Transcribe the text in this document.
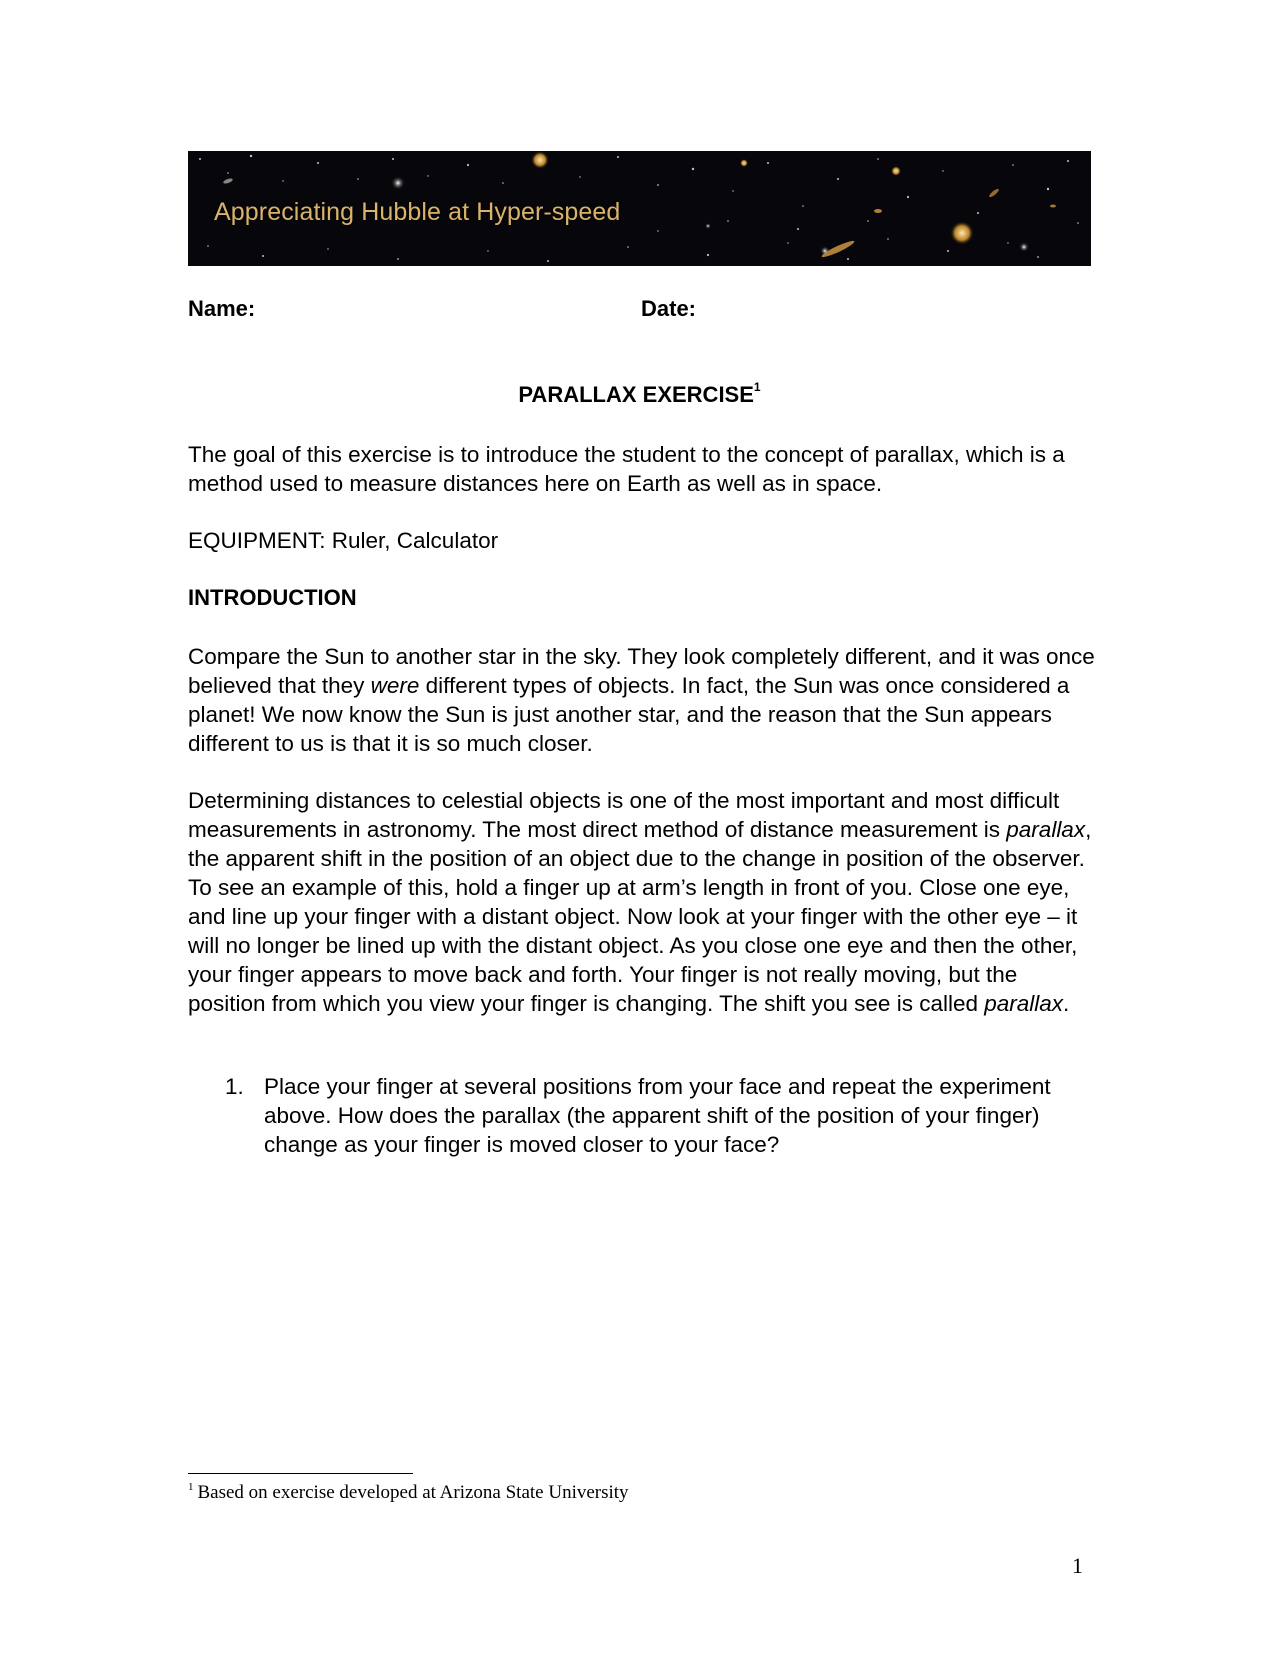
Appreciating Hubble at Hyper-speed
Name:	Date:
PARALLAX EXERCISE$^1$

The goal of this exercise is to introduce the student to the concept of parallax, which is a method used to measure distances here on Earth as well as in space.

EQUIPMENT: Ruler, Calculator

INTRODUCTION

Compare the Sun to another star in the sky. They look completely different, and it was once believed that they were different types of objects. In fact, the Sun was once considered a planet! We now know the Sun is just another star, and the reason that the Sun appears different to us is that it is so much closer.

Determining distances to celestial objects is one of the most important and most difficult measurements in astronomy. The most direct method of distance measurement is parallax, the apparent shift in the position of an object due to the change in position of the observer. To see an example of this, hold a finger up at arm’s length in front of you. Close one eye, and line up your finger with a distant object. Now look at your finger with the other eye – it will no longer be lined up with the distant object. As you close one eye and then the other, your finger appears to move back and forth. Your finger is not really moving, but the position from which you view your finger is changing. The shift you see is called parallax.

1. Place your finger at several positions from your face and repeat the experiment above. How does the parallax (the apparent shift of the position of your finger) change as your finger is moved closer to your face?
$^1$ Based on exercise developed at Arizona State University
1
